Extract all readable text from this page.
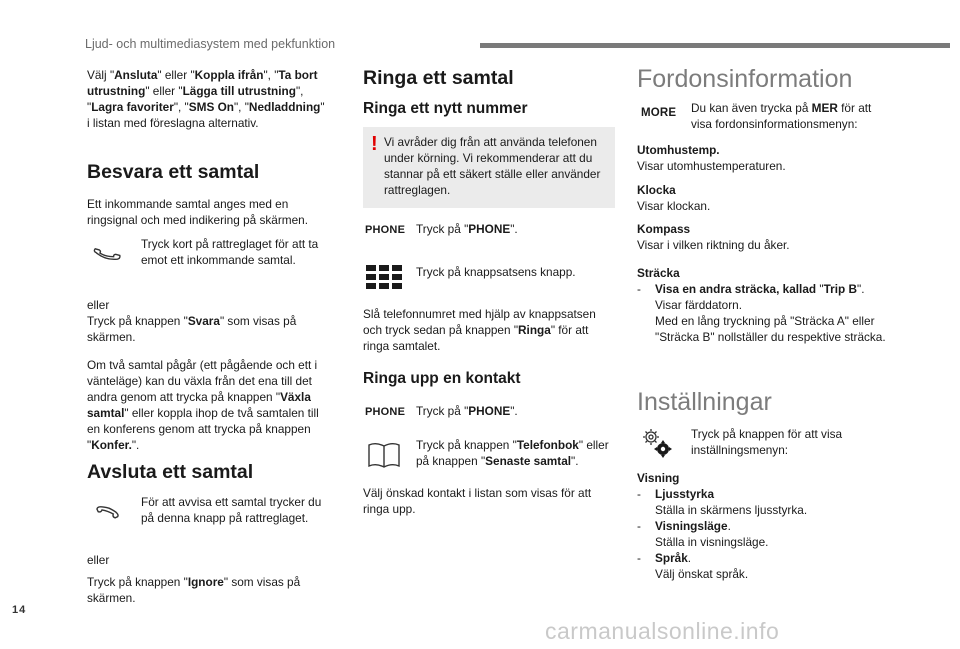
Ljud- och multimediasystem med pekfunktion

Välj "Ansluta" eller "Koppla ifrån", "Ta bort utrustning" eller "Lägga till utrustning", "Lagra favoriter", "SMS On", "Nedladdning" i listan med föreslagna alternativ.

Besvara ett samtal

Ett inkommande samtal anges med en ringsignal och med indikering på skärmen.

Tryck kort på rattreglaget för att ta emot ett inkommande samtal.

eller

Tryck på knappen "Svara" som visas på skärmen.

Om två samtal pågår (ett pågående och ett i vänteläge) kan du växla från det ena till det andra genom att trycka på knappen "Växla samtal" eller koppla ihop de två samtalen till en konferens genom att trycka på knappen "Konfer.".

Avsluta ett samtal

För att avvisa ett samtal trycker du på denna knapp på rattreglaget.

eller

Tryck på knappen "Ignore" som visas på skärmen.

Ringa ett samtal
Ringa ett nytt nummer
! Vi avråder dig från att använda telefonen under körning. Vi rekommenderar att du stannar på ett säkert ställe eller använder rattreglagen.

PHONE Tryck på "PHONE".

Tryck på knappsatsens knapp.

Slå telefonnumret med hjälp av knappsatsen och tryck sedan på knappen "Ringa" för att ringa samtalet.

Ringa upp en kontakt
PHONE Tryck på "PHONE".

Tryck på knappen "Telefonbok" eller på knappen "Senaste samtal".

Välj önskad kontakt i listan som visas för att ringa upp.

Fordonsinformation
MORE Du kan även trycka på MER för att visa fordonsinformationsmenyn:

Utomhustemp.

Visar utomhustemperaturen.

Klocka

Visar klockan.

Kompass

Visar i vilken riktning du åker.

Sträcka

- Visa en andra sträcka, kallad "Trip B".

Visar färddatorn.

Med en lång tryckning på "Sträcka A" eller "Sträcka B" nollställer du respektive sträcka.

Inställningar

Tryck på knappen för att visa inställningsmenyn:

Visning

- Ljusstyrka

Ställa in skärmens ljusstyrka.

- Visningsläge.

Ställa in visningsläge.

- Språk.

Välj önskat språk.

14
carmanualsonline.info
